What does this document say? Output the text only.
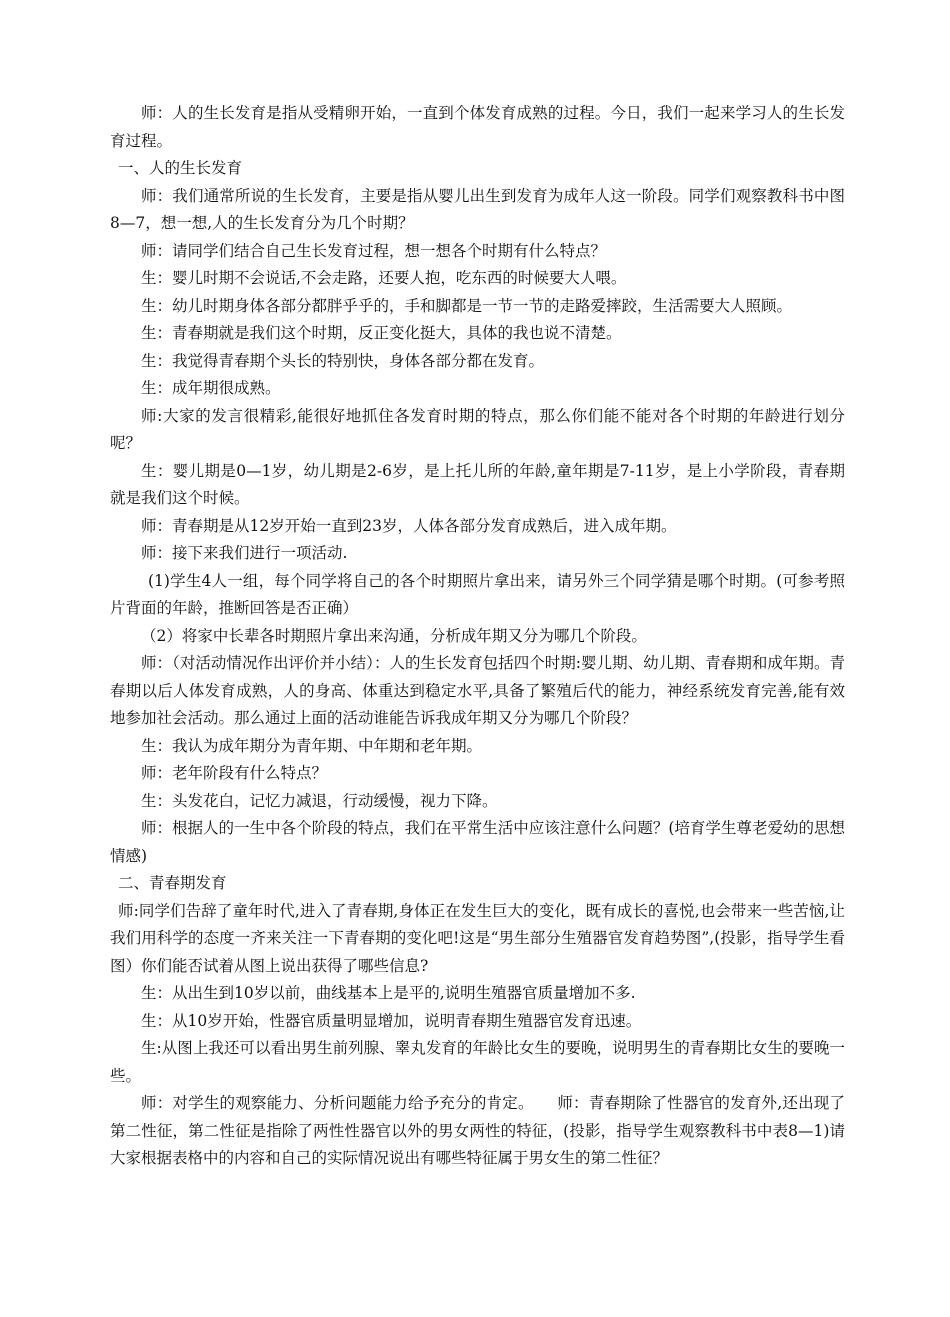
师：人的生长发育是指从受精卵开始，一直到个体发育成熟的过程。今日，我们一起来学习人的生长发育过程。

一、人的生长发育

师：我们通常所说的生长发育，主要是指从婴儿出生到发育为成年人这一阶段。同学们观察教科书中图8—7，想一想,人的生长发育分为几个时期？

师：请同学们结合自己生长发育过程，想一想各个时期有什么特点？

生：婴儿时期不会说话,不会走路，还要人抱，吃东西的时候要大人喂。

生：幼儿时期身体各部分都胖乎乎的，手和脚都是一节一节的走路爱摔跤，生活需要大人照顾。

生：青春期就是我们这个时期，反正变化挺大，具体的我也说不清楚。

生：我觉得青春期个头长的特别快，身体各部分都在发育。

生：成年期很成熟。

师:大家的发言很精彩,能很好地抓住各发育时期的特点，那么你们能不能对各个时期的年龄进行划分呢？

生：婴儿期是0—1岁，幼儿期是2-6岁，是上托儿所的年龄,童年期是7-11岁，是上小学阶段，青春期就是我们这个时候。

师：青春期是从12岁开始一直到23岁，人体各部分发育成熟后，进入成年期。

师：接下来我们进行一项活动.

(1)学生4人一组，每个同学将自己的各个时期照片拿出来，请另外三个同学猜是哪个时期。(可参考照片背面的年龄，推断回答是否正确）

（2）将家中长辈各时期照片拿出来沟通，分析成年期又分为哪几个阶段。

师：（对活动情况作出评价并小结）：人的生长发育包括四个时期:婴儿期、幼儿期、青春期和成年期。青春期以后人体发育成熟，人的身高、体重达到稳定水平,具备了繁殖后代的能力，神经系统发育完善,能有效地参加社会活动。那么通过上面的活动谁能告诉我成年期又分为哪几个阶段？

生：我认为成年期分为青年期、中年期和老年期。

师：老年阶段有什么特点？

生：头发花白，记忆力减退，行动缓慢，视力下降。

师：根据人的一生中各个阶段的特点，我们在平常生活中应该注意什么问题？(培育学生尊老爱幼的思想情感)

二、青春期发育

师:同学们告辞了童年时代,进入了青春期,身体正在发生巨大的变化，既有成长的喜悦,也会带来一些苦恼,让我们用科学的态度一齐来关注一下青春期的变化吧!这是“男生部分生殖器官发育趋势图”,(投影，指导学生看图）你们能否试着从图上说出获得了哪些信息?

生：从出生到10岁以前，曲线基本上是平的,说明生殖器官质量增加不多.

生：从10岁开始，性器官质量明显增加，说明青春期生殖器官发育迅速。

生:从图上我还可以看出男生前列腺、睾丸发育的年龄比女生的要晚，说明男生的青春期比女生的要晚一些。

师：对学生的观察能力、分析问题能力给予充分的肯定。　　师：青春期除了性器官的发育外,还出现了第二性征，第二性征是指除了两性性器官以外的男女两性的特征，(投影，指导学生观察教科书中表8—1)请大家根据表格中的内容和自己的实际情况说出有哪些特征属于男女生的第二性征？
